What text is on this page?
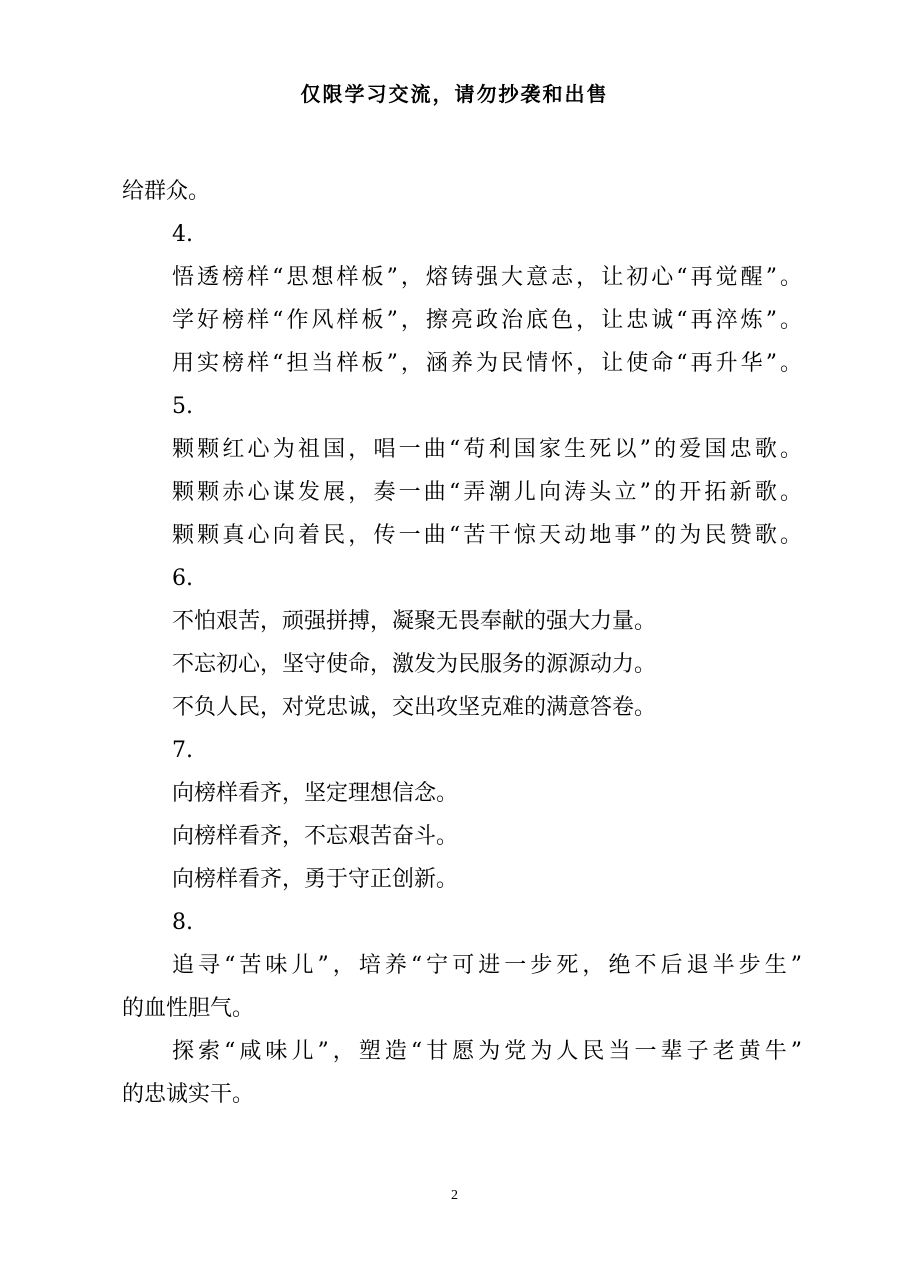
仅限学习交流，请勿抄袭和出售
给群众。
4.
悟透榜样“思想样板”，熔铸强大意志，让初心“再觉醒”。
学好榜样“作风样板”，擦亮政治底色，让忠诚“再淬炼”。
用实榜样“担当样板”，涵养为民情怀，让使命“再升华”。
5.
颗颗红心为祖国，唱一曲“苟利国家生死以”的爱国忠歌。
颗颗赤心谋发展，奏一曲“弄潮儿向涛头立”的开拓新歌。
颗颗真心向着民，传一曲“苦干惊天动地事”的为民赞歌。
6.
不怕艰苦，顽强拼搏，凝聚无畏奉献的强大力量。
不忘初心，坚守使命，激发为民服务的源源动力。
不负人民，对党忠诚，交出攻坚克难的满意答卷。
7.
向榜样看齐，坚定理想信念。
向榜样看齐，不忘艰苦奋斗。
向榜样看齐，勇于守正创新。
8.
追寻“苦味儿”，培养“宁可进一步死，绝不后退半步生”
的血性胆气。
探索“咸味儿”，塑造“甘愿为党为人民当一辈子老黄牛”
的忠诚实干。
2
